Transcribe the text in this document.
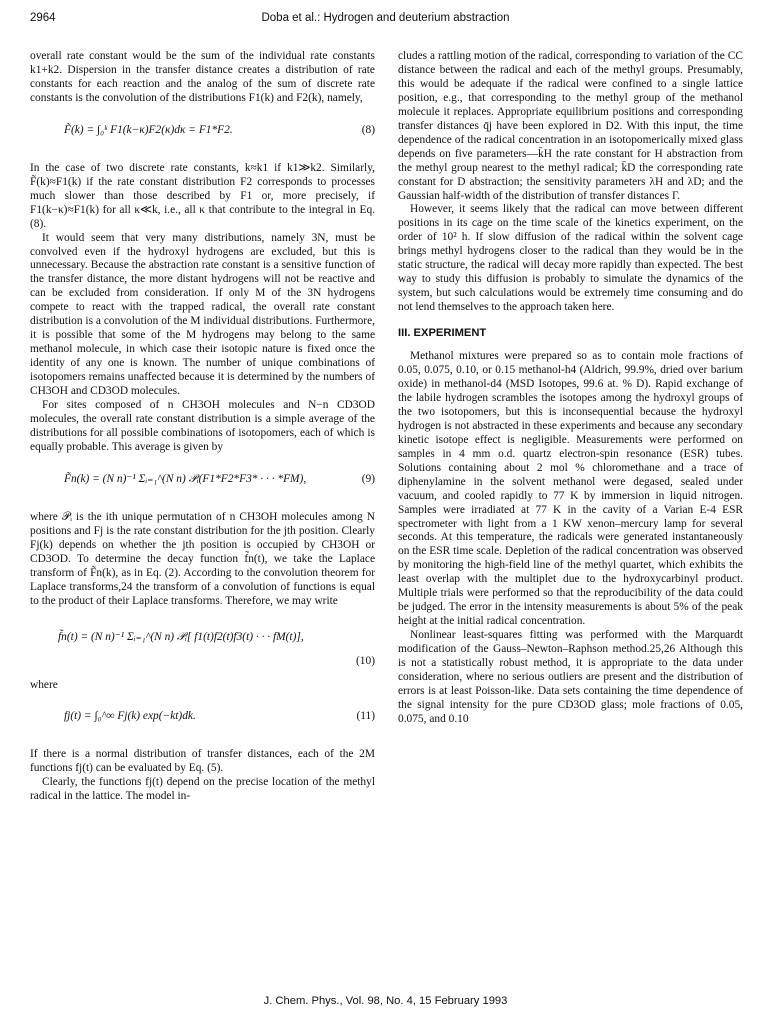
2964	Doba et al.: Hydrogen and deuterium abstraction

overall rate constant would be the sum of the individual rate constants k1+k2. Dispersion in the transfer distance creates a distribution of rate constants for each reaction and the analog of the sum of discrete rate constants is the convolution of the distributions F1(k) and F2(k), namely,

F̃(k) = ∫₀ᵏ F1(k−κ)F2(κ)dκ = F1*F2.	(8)

In the case of two discrete rate constants, k≈k1 if k1≫k2. Similarly, F̃(k)≈F1(k) if the rate constant distribution F2 corresponds to processes much slower than those described by F1 or, more precisely, if F1(k−κ)≈F1(k) for all κ≪k, i.e., all κ that contribute to the integral in Eq. (8).

It would seem that very many distributions, namely 3N, must be convolved even if the hydroxyl hydrogens are excluded, but this is unnecessary. Because the abstraction rate constant is a sensitive function of the transfer distance, the more distant hydrogens will not be reactive and can be excluded from consideration. If only M of the 3N hydrogens compete to react with the trapped radical, the overall rate constant distribution is a convolution of the M individual distributions. Furthermore, it is possible that some of the M hydrogens may belong to the same methanol molecule, in which case their isotopic nature is fixed once the identity of any one is known. The number of unique combinations of isotopomers remains unaffected because it is determined by the numbers of CH3OH and CD3OD molecules.

For sites composed of n CH3OH molecules and N−n CD3OD molecules, the overall rate constant distribution is a simple average of the distributions for all possible combinations of isotopomers, each of which is equally probable. This average is given by

F̃n(k) = (N n)⁻¹ Σᵢ₌₁^(N n) 𝒫ᵢ(F1*F2*F3* · · · *FM),	(9)

where 𝒫ᵢ is the ith unique permutation of n CH3OH molecules among N positions and Fj is the rate constant distribution for the jth position. Clearly Fj(k) depends on whether the jth position is occupied by CH3OH or CD3OD. To determine the decay function f̃n(t), we take the Laplace transform of F̃n(k), as in Eq. (2). According to the convolution theorem for Laplace transforms,24 the transform of a convolution of functions is equal to the product of their Laplace transforms. Therefore, we may write

f̃n(t) = (N n)⁻¹ Σᵢ₌₁^(N n) 𝒫ᵢ[ f1(t)f2(t)f3(t) · · · fM(t)],
(10)

where

fj(t) = ∫₀^∞ Fj(k) exp(−kt)dk.	(11)

If there is a normal distribution of transfer distances, each of the 2M functions fj(t) can be evaluated by Eq. (5).

Clearly, the functions fj(t) depend on the precise location of the methyl radical in the lattice. The model in-

cludes a rattling motion of the radical, corresponding to variation of the CC distance between the radical and each of the methyl groups. Presumably, this would be adequate if the radical were confined to a single lattice position, e.g., that corresponding to the methyl group of the methanol molecule it replaces. Appropriate equilibrium positions and corresponding transfer distances q̄j have been explored in D2. With this input, the time dependence of the radical concentration in an isotopomerically mixed glass depends on five parameters—k̄H the rate constant for H abstraction from the methyl group nearest to the methyl radical; k̄D the corresponding rate constant for D abstraction; the sensitivity parameters λH and λD; and the Gaussian half-width of the distribution of transfer distances Γ.

However, it seems likely that the radical can move between different positions in its cage on the time scale of the kinetics experiment, on the order of 10² h. If slow diffusion of the radical within the solvent cage brings methyl hydrogens closer to the radical than they would be in the static structure, the radical will decay more rapidly than expected. The best way to study this diffusion is probably to simulate the dynamics of the system, but such calculations would be extremely time consuming and do not lend themselves to the approach taken here.

III. EXPERIMENT

Methanol mixtures were prepared so as to contain mole fractions of 0.05, 0.075, 0.10, or 0.15 methanol-h4 (Aldrich, 99.9%, dried over barium oxide) in methanol-d4 (MSD Isotopes, 99.6 at. % D). Rapid exchange of the labile hydrogen scrambles the isotopes among the hydroxyl groups of the two isotopomers, but this is inconsequential because the hydroxyl hydrogen is not abstracted in these experiments and because any secondary kinetic isotope effect is negligible. Measurements were performed on samples in 4 mm o.d. quartz electron-spin resonance (ESR) tubes. Solutions containing about 2 mol % chloromethane and a trace of diphenylamine in the solvent methanol were degased, sealed under vacuum, and cooled rapidly to 77 K by immersion in liquid nitrogen. Samples were irradiated at 77 K in the cavity of a Varian E-4 ESR spectrometer with light from a 1 KW xenon–mercury lamp for several seconds. At this temperature, the radicals were generated instantaneously on the ESR time scale. Depletion of the radical concentration was observed by monitoring the high-field line of the methyl quartet, which exhibits the least overlap with the multiplet due to the hydroxycarbinyl product. Multiple trials were performed so that the reproducibility of the data could be judged. The error in the intensity measurements is about 5% of the peak height at the initial radical concentration.

Nonlinear least-squares fitting was performed with the Marquardt modification of the Gauss–Newton–Raphson method.25,26 Although this is not a statistically robust method, it is appropriate to the data under consideration, where no serious outliers are present and the distribution of errors is at least Poisson-like. Data sets containing the time dependence of the signal intensity for the pure CD3OD glass; mole fractions of 0.05, 0.075, and 0.10

J. Chem. Phys., Vol. 98, No. 4, 15 February 1993
